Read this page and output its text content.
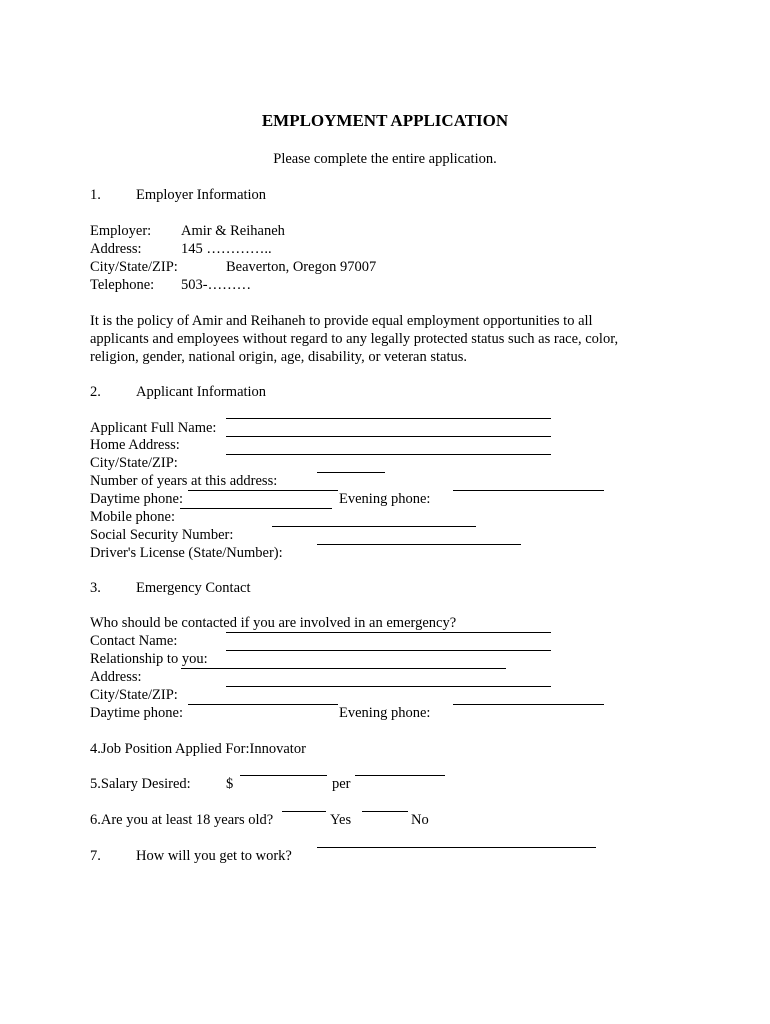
EMPLOYMENT APPLICATION
Please complete the entire application.
1. Employer Information
Employer: Amir & Reihaneh
Address:	145 …………..
City/State/ZIP:	Beaverton, Oregon 97007
Telephone: 503-………
It is the policy of Amir and Reihaneh to provide equal employment opportunities to all
applicants and employees without regard to any legally protected status such as race, color,
religion, gender, national origin, age, disability, or veteran status.
2. Applicant Information
Applicant Full Name:
Home Address:
City/State/ZIP:
Number of years at this address:
Daytime phone:	Evening phone:
Mobile phone:
Social Security Number:
Driver's License (State/Number):
3. Emergency Contact
Who should be contacted if you are involved in an emergency?
Contact Name:
Relationship to you:
Address:
City/State/ZIP:
Daytime phone:	Evening phone:
4.Job Position Applied For:Innovator
5.Salary Desired: $	per
6.Are you at least 18 years old?	Yes	No
7. How will you get to work?
